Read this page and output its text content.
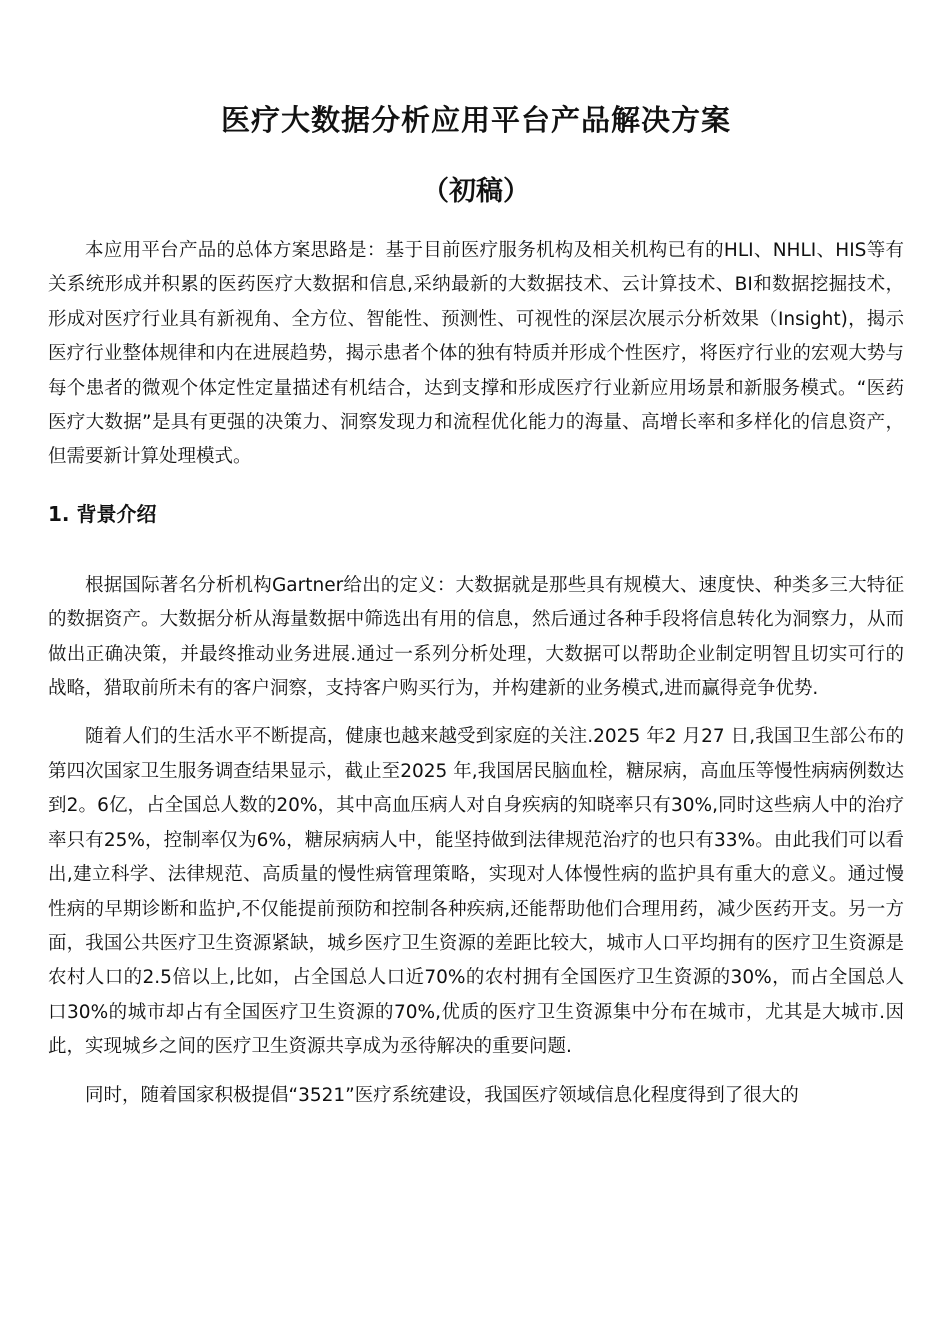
医疗大数据分析应用平台产品解决方案
（初稿）

本应用平台产品的总体方案思路是：基于目前医疗服务机构及相关机构已有的HLI、NHLI、HIS等有关系统形成并积累的医药医疗大数据和信息,采纳最新的大数据技术、云计算技术、BI和数据挖掘技术，形成对医疗行业具有新视角、全方位、智能性、预测性、可视性的深层次展示分析效果（Insight)，揭示医疗行业整体规律和内在进展趋势，揭示患者个体的独有特质并形成个性医疗，将医疗行业的宏观大势与每个患者的微观个体定性定量描述有机结合，达到支撑和形成医疗行业新应用场景和新服务模式。“医药医疗大数据”是具有更强的决策力、洞察发现力和流程优化能力的海量、高增长率和多样化的信息资产，但需要新计算处理模式。

1. 背景介绍

根据国际著名分析机构Gartner给出的定义：大数据就是那些具有规模大、速度快、种类多三大特征的数据资产。大数据分析从海量数据中筛选出有用的信息，然后通过各种手段将信息转化为洞察力，从而做出正确决策，并最终推动业务进展.通过一系列分析处理，大数据可以帮助企业制定明智且切实可行的战略，猎取前所未有的客户洞察，支持客户购买行为，并构建新的业务模式,进而赢得竞争优势.

随着人们的生活水平不断提高，健康也越来越受到家庭的关注.2025 年2 月27 日,我国卫生部公布的第四次国家卫生服务调查结果显示，截止至2025 年,我国居民脑血栓，糖尿病，高血压等慢性病病例数达到2。6亿，占全国总人数的20%，其中高血压病人对自身疾病的知晓率只有30%,同时这些病人中的治疗率只有25%，控制率仅为6%，糖尿病病人中，能坚持做到法律规范治疗的也只有33%。由此我们可以看出,建立科学、法律规范、高质量的慢性病管理策略，实现对人体慢性病的监护具有重大的意义。通过慢性病的早期诊断和监护,不仅能提前预防和控制各种疾病,还能帮助他们合理用药，减少医药开支。另一方面，我国公共医疗卫生资源紧缺，城乡医疗卫生资源的差距比较大，城市人口平均拥有的医疗卫生资源是农村人口的2.5倍以上,比如，占全国总人口近70%的农村拥有全国医疗卫生资源的30%，而占全国总人口30%的城市却占有全国医疗卫生资源的70%,优质的医疗卫生资源集中分布在城市，尤其是大城市.因此，实现城乡之间的医疗卫生资源共享成为丞待解决的重要问题.

同时，随着国家积极提倡“3521”医疗系统建设，我国医疗领域信息化程度得到了很大的
